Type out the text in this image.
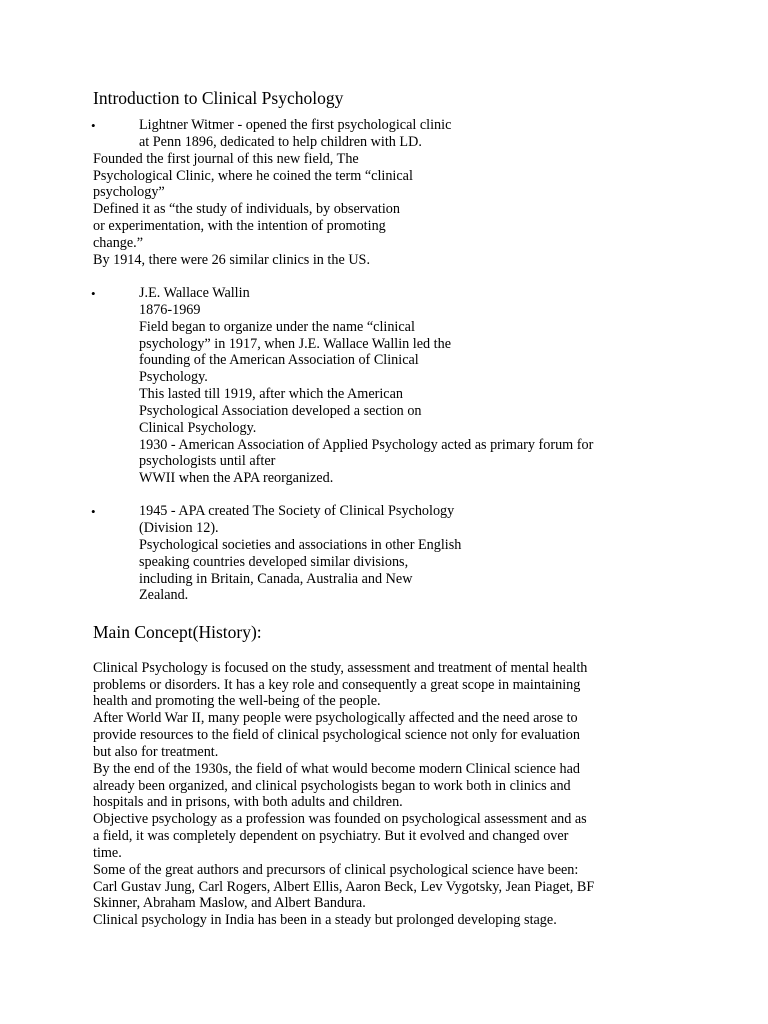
Introduction to Clinical Psychology
•	Lightner Witmer - opened the first psychological clinic
at Penn 1896, dedicated to help children with LD.
Founded the first journal of this new field, The
Psychological Clinic, where he coined the term “clinical
psychology”
Defined it as “the study of individuals, by observation
or experimentation, with the intention of promoting
change.”
By 1914, there were 26 similar clinics in the US.
•	J.E. Wallace Wallin
1876-1969
Field began to organize under the name “clinical
psychology” in 1917, when J.E. Wallace Wallin led the
founding of the American Association of Clinical
Psychology.
This lasted till 1919, after which the American
Psychological Association developed a section on
Clinical Psychology.
1930 - American Association of Applied Psychology acted as primary forum for
psychologists until after
WWII when the APA reorganized.
•	1945 - APA created The Society of Clinical Psychology
(Division 12).
Psychological societies and associations in other English
speaking countries developed similar divisions,
including in Britain, Canada, Australia and New
Zealand.
Main Concept(History):
Clinical Psychology is focused on the study, assessment and treatment of mental health
problems or disorders. It has a key role and consequently a great scope in maintaining
health and promoting the well-being of the people.
After World War II, many people were psychologically affected and the need arose to
provide resources to the field of clinical psychological science not only for evaluation
but also for treatment.
By the end of the 1930s, the field of what would become modern Clinical science had
already been organized, and clinical psychologists began to work both in clinics and
hospitals and in prisons, with both adults and children.
Objective psychology as a profession was founded on psychological assessment and as
a field, it was completely dependent on psychiatry. But it evolved and changed over
time.
Some of the great authors and precursors of clinical psychological science have been:
Carl Gustav Jung, Carl Rogers, Albert Ellis, Aaron Beck, Lev Vygotsky, Jean Piaget, BF
Skinner, Abraham Maslow, and Albert Bandura.
Clinical psychology in India has been in a steady but prolonged developing stage.
